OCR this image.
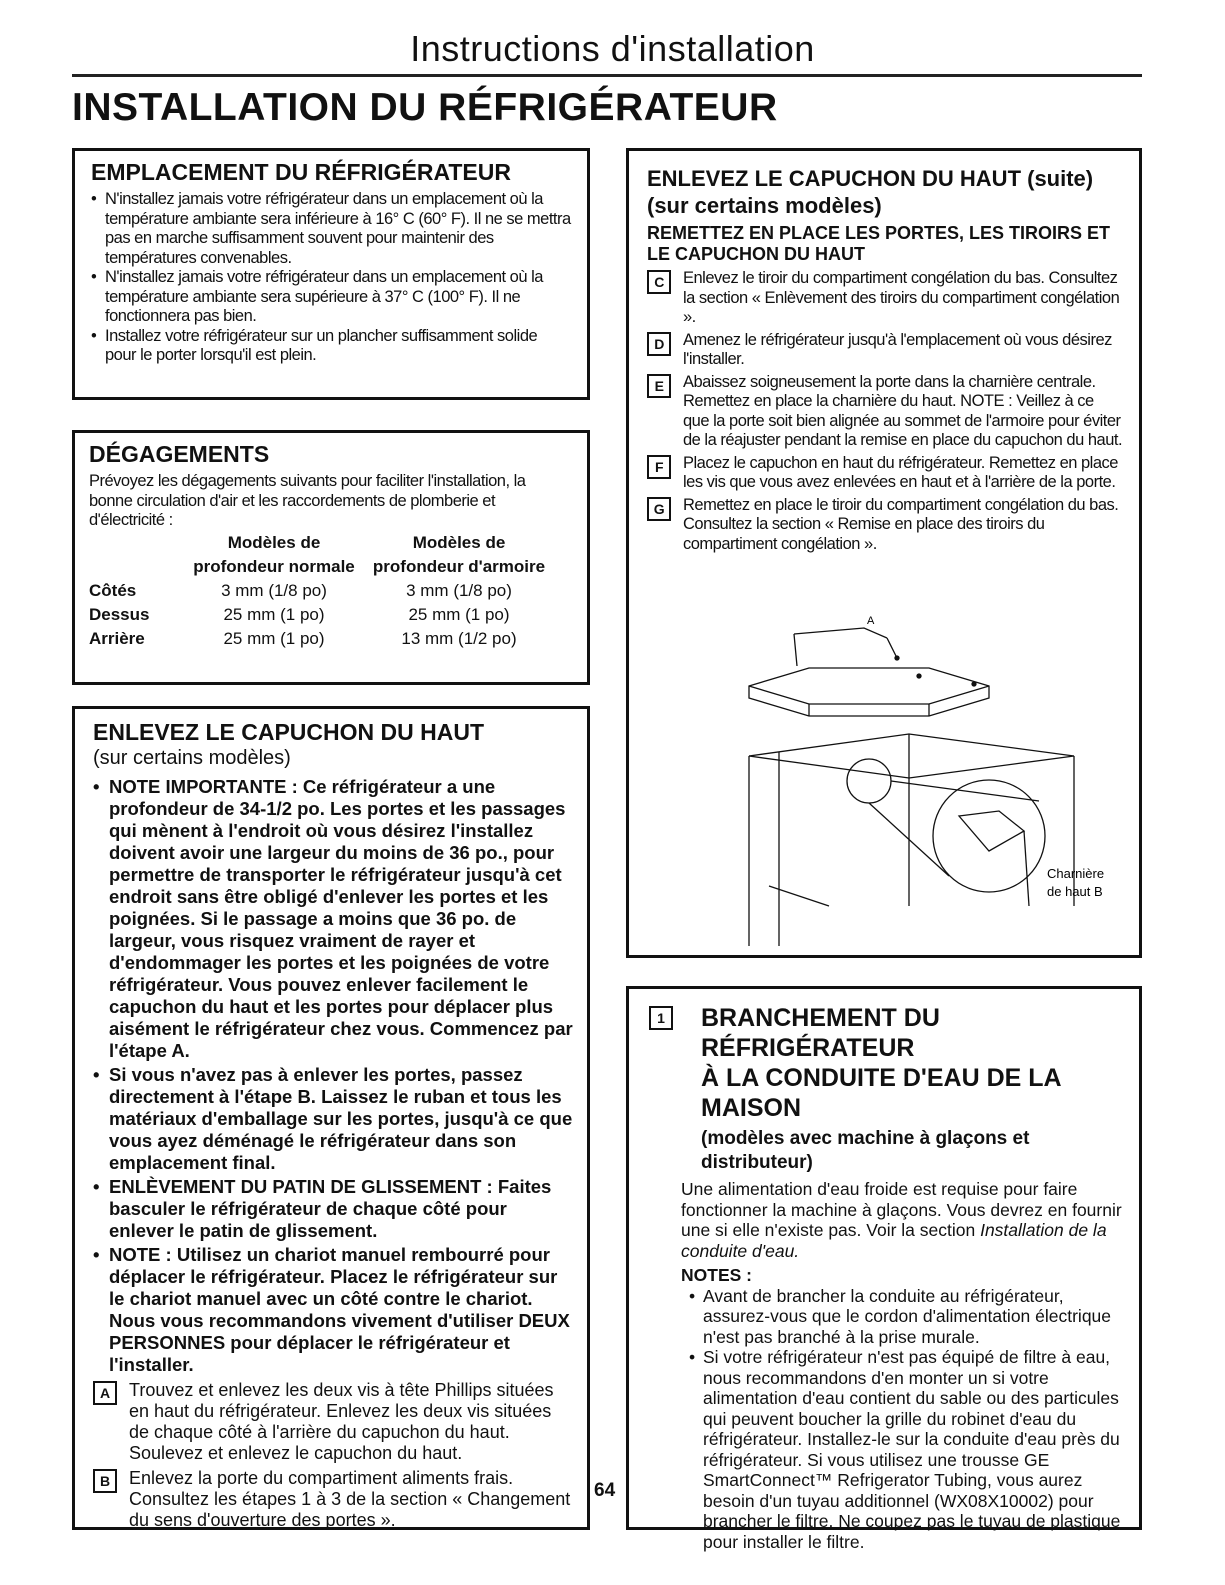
Instructions d'installation
INSTALLATION DU RÉFRIGÉRATEUR
EMPLACEMENT DU RÉFRIGÉRATEUR
• N'installez jamais votre réfrigérateur dans un emplacement où la température ambiante sera inférieure à 16° C (60° F). Il ne se mettra pas en marche suffisamment souvent pour maintenir des températures convenables.
• N'installez jamais votre réfrigérateur dans un emplacement où la température ambiante sera supérieure à 37° C (100° F). Il ne fonctionnera pas bien.
• Installez votre réfrigérateur sur un plancher suffisamment solide pour le porter lorsqu'il est plein.
DÉGAGEMENTS
Prévoyez les dégagements suivants pour faciliter l'installation, la bonne circulation d'air et les raccordements de plomberie et d'électricité :
	Modèles de	Modèles de
	profondeur normale	profondeur d'armoire
Côtés	3 mm (1/8 po)	3 mm (1/8 po)
Dessus	25 mm (1 po)	25 mm (1 po)
Arrière	25 mm (1 po)	13 mm (1/2 po)
ENLEVEZ LE CAPUCHON DU HAUT
(sur certains modèles)
• NOTE IMPORTANTE : Ce réfrigérateur a une profondeur de 34-1/2 po. Les portes et les passages qui mènent à l'endroit où vous désirez l'installez doivent avoir une largeur du moins de 36 po., pour permettre de transporter le réfrigérateur jusqu'à cet endroit sans être obligé d'enlever les portes et les poignées. Si le passage a moins que 36 po. de largeur, vous risquez vraiment de rayer et d'endommager les portes et les poignées de votre réfrigérateur. Vous pouvez enlever facilement le capuchon du haut et les portes pour déplacer plus aisément le réfrigérateur chez vous. Commencez par l'étape A.
• Si vous n'avez pas à enlever les portes, passez directement à l'étape B. Laissez le ruban et tous les matériaux d'emballage sur les portes, jusqu'à ce que vous ayez déménagé le réfrigérateur dans son emplacement final.
• ENLÈVEMENT DU PATIN DE GLISSEMENT : Faites basculer le réfrigérateur de chaque côté pour enlever le patin de glissement.
• NOTE : Utilisez un chariot manuel rembourré pour déplacer le réfrigérateur. Placez le réfrigérateur sur le chariot manuel avec un côté contre le chariot. Nous vous recommandons vivement d'utiliser DEUX PERSONNES pour déplacer le réfrigérateur et l'installer.
A	Trouvez et enlevez les deux vis à tête Phillips situées en haut du réfrigérateur. Enlevez les deux vis situées de chaque côté à l'arrière du capuchon du haut. Soulevez et enlevez le capuchon du haut.
B	Enlevez la porte du compartiment aliments frais. Consultez les étapes 1 à 3 de la section « Changement du sens d'ouverture des portes ».
ENLEVEZ LE CAPUCHON DU HAUT (suite) (sur certains modèles)
REMETTEZ EN PLACE LES PORTES, LES TIROIRS ET LE CAPUCHON DU HAUT
C	Enlevez le tiroir du compartiment congélation du bas. Consultez la section « Enlèvement des tiroirs du compartiment congélation ».
D	Amenez le réfrigérateur jusqu'à l'emplacement où vous désirez l'installer.
E	Abaissez soigneusement la porte dans la charnière centrale. Remettez en place la charnière du haut. NOTE : Veillez à ce que la porte soit bien alignée au sommet de l'armoire pour éviter de la réajuster pendant la remise en place du capuchon du haut.
F	Placez le capuchon en haut du réfrigérateur. Remettez en place les vis que vous avez enlevées en haut et à l'arrière de la porte.
G	Remettez en place le tiroir du compartiment congélation du bas. Consultez la section « Remise en place des tiroirs du compartiment congélation ».
A
Charnière
de haut B
1	BRANCHEMENT DU RÉFRIGÉRATEUR
À LA CONDUITE D'EAU DE LA MAISON
(modèles avec machine à glaçons et distributeur)
Une alimentation d'eau froide est requise pour faire fonctionner la machine à glaçons. Vous devrez en fournir une si elle n'existe pas. Voir la section Installation de la conduite d'eau.
NOTES :
• Avant de brancher la conduite au réfrigérateur, assurez-vous que le cordon d'alimentation électrique n'est pas branché à la prise murale.
• Si votre réfrigérateur n'est pas équipé de filtre à eau, nous recommandons d'en monter un si votre alimentation d'eau contient du sable ou des particules qui peuvent boucher la grille du robinet d'eau du réfrigérateur. Installez-le sur la conduite d'eau près du réfrigérateur. Si vous utilisez une trousse GE SmartConnect™ Refrigerator Tubing, vous aurez besoin d'un tuyau additionnel (WX08X10002) pour brancher le filtre. Ne coupez pas le tuyau de plastique pour installer le filtre.
64
